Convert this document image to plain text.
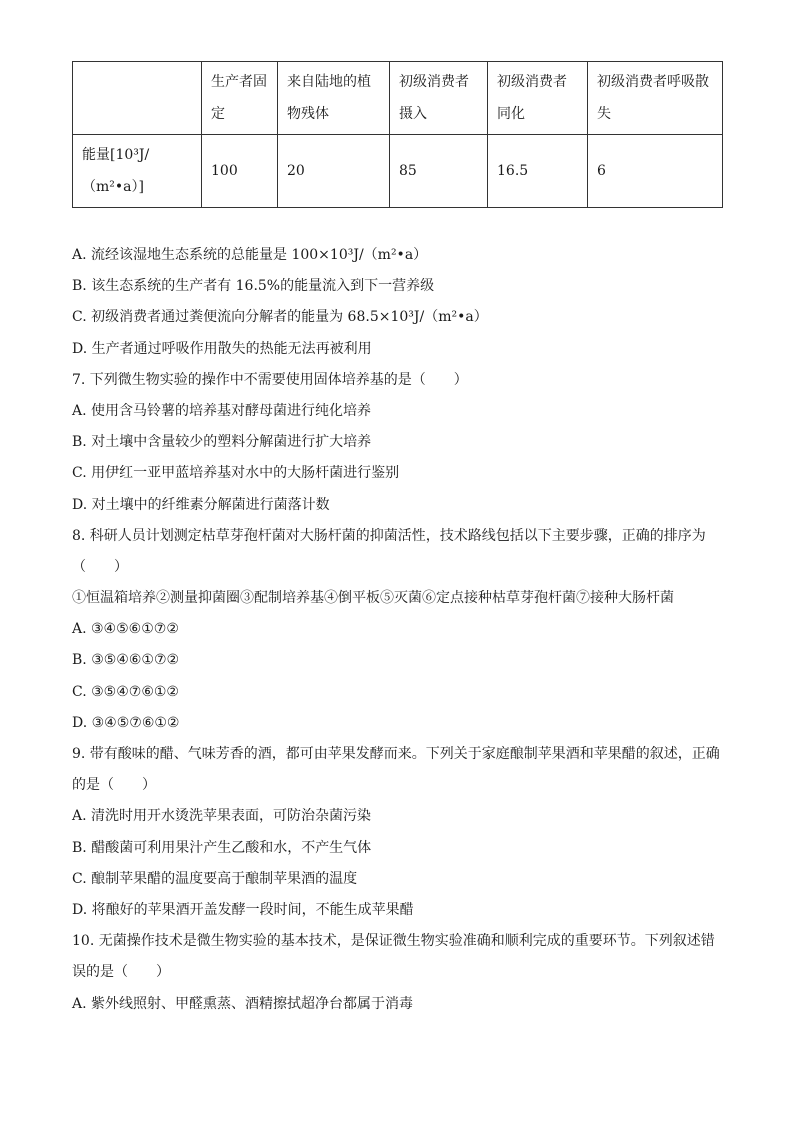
	生产者固定	来自陆地的植物残体	初级消费者摄入	初级消费者同化	初级消费者呼吸散失

能量[10³J/
（m²•a）]	100	20	85	16.5	6
A. 流经该湿地生态系统的总能量是 100×10³J/（m²•a）
B. 该生态系统的生产者有 16.5%的能量流入到下一营养级
C. 初级消费者通过粪便流向分解者的能量为 68.5×10³J/（m²•a）
D. 生产者通过呼吸作用散失的热能无法再被利用
7. 下列微生物实验的操作中不需要使用固体培养基的是（　　）
A. 使用含马铃薯的培养基对酵母菌进行纯化培养
B. 对土壤中含量较少的塑料分解菌进行扩大培养
C. 用伊红一亚甲蓝培养基对水中的大肠杆菌进行鉴别
D. 对土壤中的纤维素分解菌进行菌落计数
8. 科研人员计划测定枯草芽孢杆菌对大肠杆菌的抑菌活性，技术路线包括以下主要步骤，正确的排序为
（　　）
①恒温箱培养②测量抑菌圈③配制培养基④倒平板⑤灭菌⑥定点接种枯草芽孢杆菌⑦接种大肠杆菌
A. ③④⑤⑥①⑦②
B. ③⑤④⑥①⑦②
C. ③⑤④⑦⑥①②
D. ③④⑤⑦⑥①②
9. 带有酸味的醋、气味芳香的酒，都可由苹果发酵而来。下列关于家庭酿制苹果酒和苹果醋的叙述，正确
的是（　　）
A. 清洗时用开水烫洗苹果表面，可防治杂菌污染
B. 醋酸菌可利用果汁产生乙酸和水，不产生气体
C. 酿制苹果醋的温度要高于酿制苹果酒的温度
D. 将酿好的苹果酒开盖发酵一段时间，不能生成苹果醋
10. 无菌操作技术是微生物实验的基本技术，是保证微生物实验准确和顺利完成的重要环节。下列叙述错
误的是（　　）
A. 紫外线照射、甲醛熏蒸、酒精擦拭超净台都属于消毒
